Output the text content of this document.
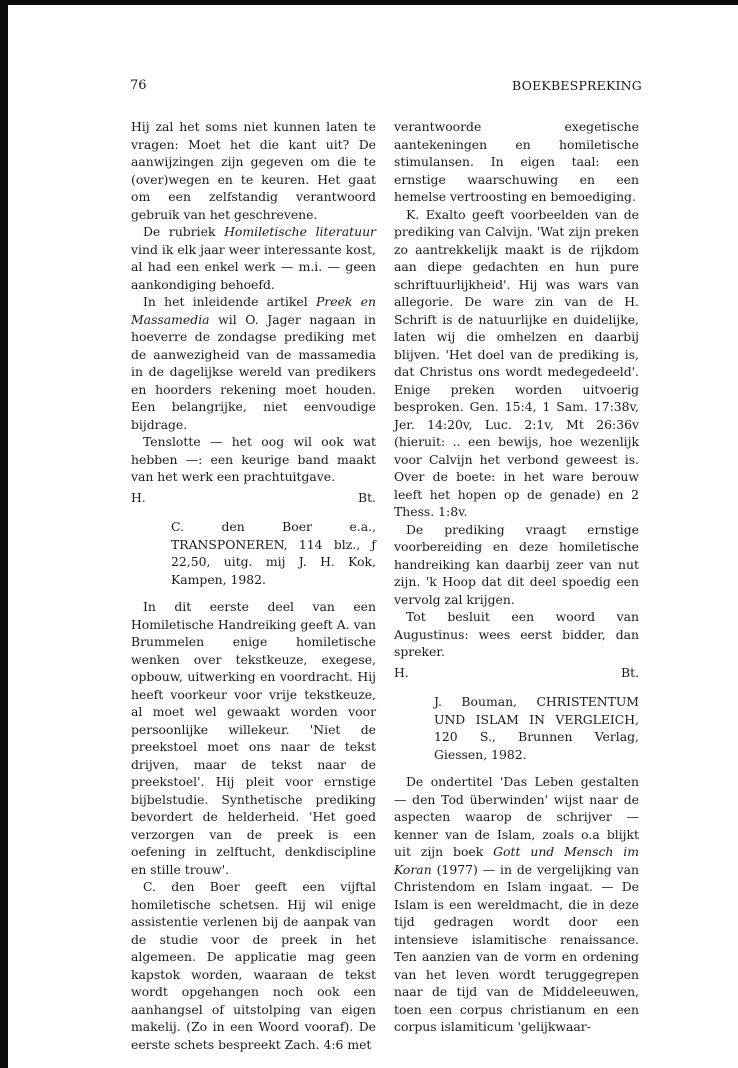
76	BOEKBESPREKING

Hij zal het soms niet kunnen laten te vragen: Moet het die kant uit? De aanwijzingen zijn gegeven om die te (over)wegen en te keuren. Het gaat om een zelfstandig verantwoord gebruik van het geschrevene.

De rubriek Homiletische literatuur vind ik elk jaar weer interessante kost, al had een enkel werk — m.i. — geen aankondiging behoefd.

In het inleidende artikel Preek en Massamedia wil O. Jager nagaan in hoeverre de zondagse prediking met de aanwezigheid van de massamedia in de dagelijkse wereld van predikers en hoorders rekening moet houden. Een belangrijke, niet eenvoudige bijdrage.

Tenslotte — het oog wil ook wat hebben —: een keurige band maakt van het werk een prachtuitgave.

H.	Bt.
C. den Boer e.a., TRANSPONEREN, 114 blz., ƒ 22,50, uitg. mij J. H. Kok, Kampen, 1982.

In dit eerste deel van een Homiletische Handreiking geeft A. van Brummelen enige homiletische wenken over tekstkeuze, exegese, opbouw, uitwerking en voordracht. Hij heeft voorkeur voor vrije tekstkeuze, al moet wel gewaakt worden voor persoonlijke willekeur. 'Niet de preekstoel moet ons naar de tekst drijven, maar de tekst naar de preekstoel'. Hij pleit voor ernstige bijbelstudie. Synthetische prediking bevordert de helderheid. 'Het goed verzorgen van de preek is een oefening in zelftucht, denkdiscipline en stille trouw'.

C. den Boer geeft een vijftal homiletische schetsen. Hij wil enige assistentie verlenen bij de aanpak van de studie voor de preek in het algemeen. De applicatie mag geen kapstok worden, waaraan de tekst wordt opgehangen noch ook een aanhangsel of uitstolping van eigen makelij. (Zo in een Woord vooraf). De eerste schets bespreekt Zach. 4:6 met

verantwoorde exegetische aantekeningen en homiletische stimulansen. In eigen taal: een ernstige waarschuwing en een hemelse vertroosting en bemoediging.

K. Exalto geeft voorbeelden van de prediking van Calvijn. 'Wat zijn preken zo aantrekkelijk maakt is de rijkdom aan diepe gedachten en hun pure schriftuurlijkheid'. Hij was wars van allegorie. De ware zin van de H. Schrift is de natuurlijke en duidelijke, laten wij die omhelzen en daarbij blijven. 'Het doel van de prediking is, dat Christus ons wordt medegedeeld'. Enige preken worden uitvoerig besproken. Gen. 15:4, 1 Sam. 17:38v, Jer. 14:20v, Luc. 2:1v, Mt 26:36v (hieruit: .. een bewijs, hoe wezenlijk voor Calvijn het verbond geweest is. Over de boete: in het ware berouw leeft het hopen op de genade) en 2 Thess. 1:8v.

De prediking vraagt ernstige voorbereiding en deze homiletische handreiking kan daarbij zeer van nut zijn. 'k Hoop dat dit deel spoedig een vervolg zal krijgen.

Tot besluit een woord van Augustinus: wees eerst bidder, dan spreker.

H.	Bt.
J. Bouman, CHRISTENTUM UND ISLAM IN VERGLEICH, 120 S., Brunnen Verlag, Giessen, 1982.

De ondertitel 'Das Leben gestalten — den Tod überwinden' wijst naar de aspecten waarop de schrijver — kenner van de Islam, zoals o.a blijkt uit zijn boek Gott und Mensch im Koran (1977) — in de vergelijking van Christendom en Islam ingaat. — De Islam is een wereldmacht, die in deze tijd gedragen wordt door een intensieve islamitische renaissance. Ten aanzien van de vorm en ordening van het leven wordt teruggegrepen naar de tijd van de Middeleeuwen, toen een corpus christianum en een corpus islamiticum 'gelijkwaar-
